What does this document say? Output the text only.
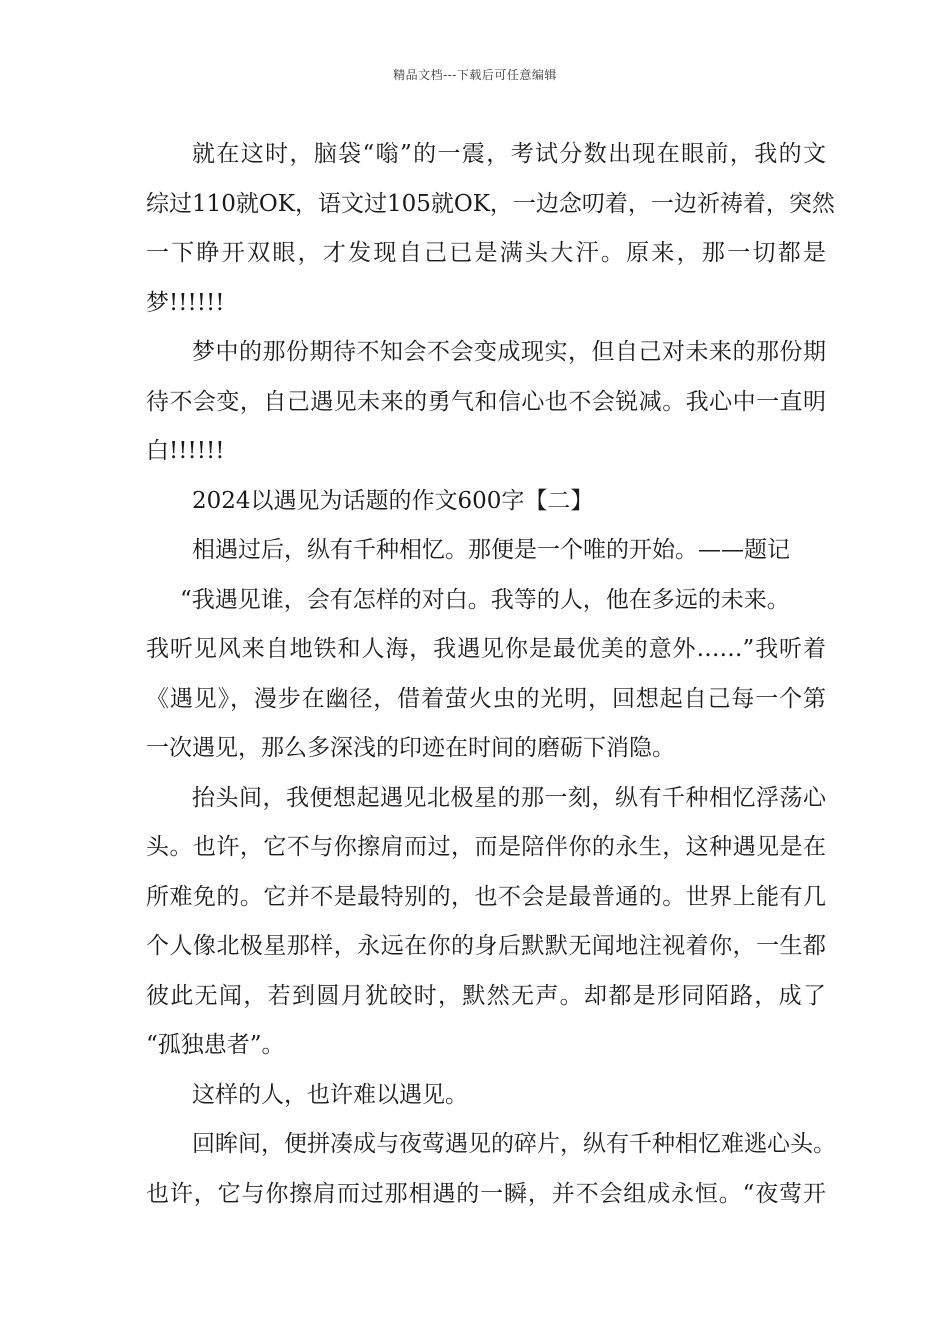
精品文档---下载后可任意编辑
就在这时，脑袋“嗡”的一震，考试分数出现在眼前，我的文
综过110就OK，语文过105就OK，一边念叨着，一边祈祷着，突然
一下睁开双眼，才发现自己已是满头大汗。原来，那一切都是
梦!!!!!!
梦中的那份期待不知会不会变成现实，但自己对未来的那份期
待不会变，自己遇见未来的勇气和信心也不会锐减。我心中一直明
白!!!!!!
2024以遇见为话题的作文600字【二】
相遇过后，纵有千种相忆。那便是一个唯的开始。——题记
“我遇见谁，会有怎样的对白。我等的人，他在多远的未来。
我听见风来自地铁和人海，我遇见你是最优美的意外……”我听着
《遇见》，漫步在幽径，借着萤火虫的光明，回想起自己每一个第
一次遇见，那么多深浅的印迹在时间的磨砺下消隐。
抬头间，我便想起遇见北极星的那一刻，纵有千种相忆浮荡心
头。也许，它不与你擦肩而过，而是陪伴你的永生，这种遇见是在
所难免的。它并不是最特别的，也不会是最普通的。世界上能有几
个人像北极星那样，永远在你的身后默默无闻地注视着你，一生都
彼此无闻，若到圆月犹皎时，默然无声。却都是形同陌路，成了
“孤独患者”。
这样的人，也许难以遇见。
回眸间，便拼凑成与夜莺遇见的碎片，纵有千种相忆难逃心头。
也许，它与你擦肩而过那相遇的一瞬，并不会组成永恒。“夜莺开
